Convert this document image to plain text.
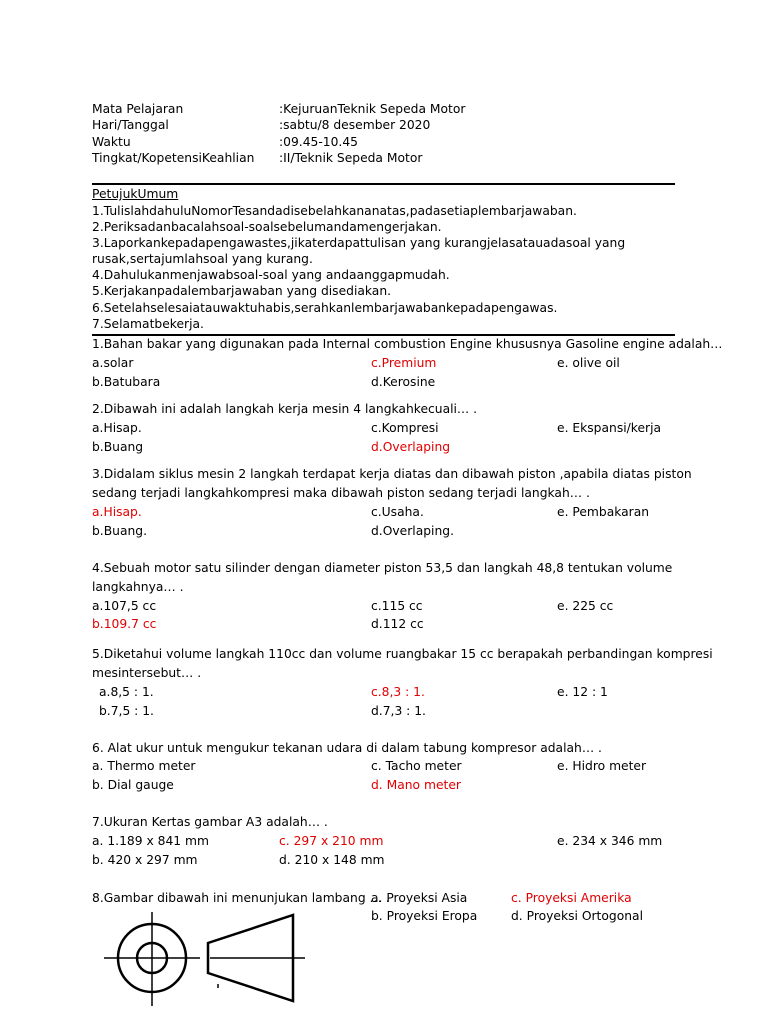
Mata Pelajaran	:KejuruanTeknik Sepeda Motor
Hari/Tanggal	:sabtu/8 desember 2020
Waktu	:09.45-10.45
Tingkat/KopetensiKeahlian :II/Teknik Sepeda Motor
PetujukUmum
1.TulislahdahuluNomorTesandadisebelahkananatas,padasetiaplembarjawaban.
2.Periksadanbacalahsoal-soalsebelumandamengerjakan.
3.Laporkankepadapengawastes,jikaterdapattulisan yang kurangjelasatauadasoal yang
rusak,sertajumlahsoal yang kurang.
4.Dahulukanmenjawabsoal-soal yang andaanggapmudah.
5.Kerjakanpadalembarjawaban yang disediakan.
6.Setelahselesaiatauwaktuhabis,serahkanlembarjawabankepadapengawas.
7.Selamatbekerja.
1.Bahan bakar yang digunakan pada Internal combustion Engine khususnya Gasoline engine adalah…
a.solar	c.Premium	e. olive oil
b.Batubara	d.Kerosine
2.Dibawah ini adalah langkah kerja mesin 4 langkahkecuali… .
a.Hisap.	c.Kompresi	e. Ekspansi/kerja
b.Buang	d.Overlaping
3.Didalam siklus mesin 2 langkah terdapat kerja diatas dan dibawah piston ,apabila diatas piston
sedang terjadi langkahkompresi maka dibawah piston sedang terjadi langkah… .
a.Hisap.	c.Usaha.	e. Pembakaran
b.Buang.	d.Overlaping.
4.Sebuah motor satu silinder dengan diameter piston 53,5 dan langkah 48,8 tentukan volume
langkahnya… .
a.107,5 cc	c.115 cc	e. 225 cc
b.109.7 cc	d.112 cc
5.Diketahui volume langkah 110cc dan volume ruangbakar 15 cc berapakah perbandingan kompresi
mesintersebut… .
a.8,5 : 1.	c.8,3 : 1.	e. 12 : 1
b.7,5 : 1.	d.7,3 : 1.
6. Alat ukur untuk mengukur tekanan udara di dalam tabung kompresor adalah… .
a. Thermo meter	c. Tacho meter	e. Hidro meter
b. Dial gauge	d. Mano meter
7.Ukuran Kertas gambar A3 adalah… .
a. 1.189 x 841 mm	c. 297 x 210 mm	e. 234 x 346 mm
b. 420 x 297 mm	d. 210 x 148 mm
8.Gambar dibawah ini menunjukan lambang … .
a. Proyeksi Asia	c. Proyeksi Amerika
b. Proyeksi Eropa	d. Proyeksi Ortogonal
